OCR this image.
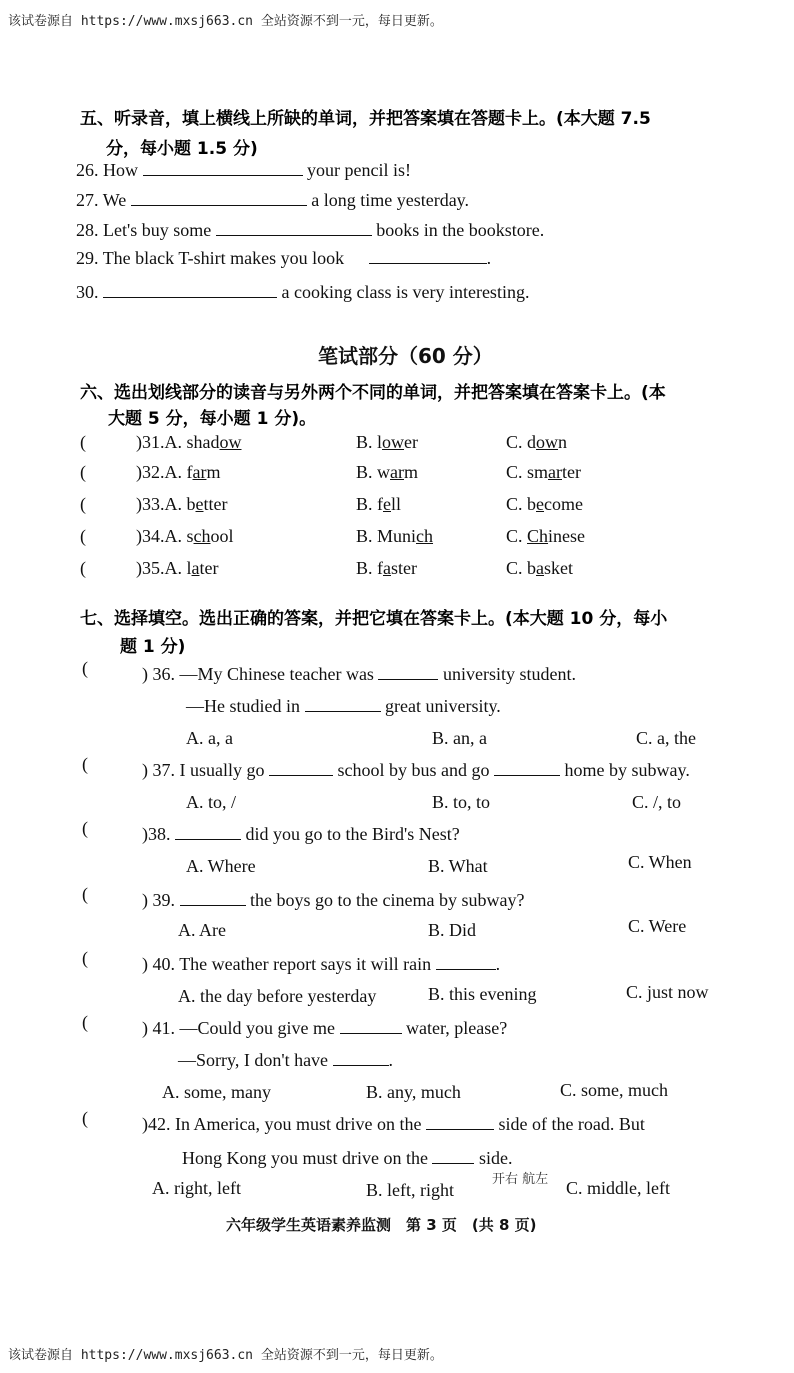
该试卷源自 https://www.mxsj663.cn 全站资源不到一元，每日更新。
五、听录音，填上横线上所缺的单词，并把答案填在答题卡上。(本大题 7.5
分，每小题 1.5 分)
26. How	your pencil is!
27. We	a long time yesterday.
28. Let's buy some	books in the bookstore.
29. The black T-shirt makes you look	.
30.	a cooking class is very interesting.
笔试部分（60 分）
六、选出划线部分的读音与另外两个不同的单词，并把答案填在答案卡上。(本
大题 5 分，每小题 1 分)。
(	)31.A. shadow	B. lower	C. down
(	)32.A. farm	B. warm	C. smarter
(	)33.A. better	B. fell	C. become
(	)34.A. school	B. Munich	C. Chinese
(	)35.A. later	B. faster	C. basket
七、选择填空。选出正确的答案，并把它填在答案卡上。(本大题 10 分，每小
题 1 分)
(	) 36. —My Chinese teacher was	university student.
—He studied in	great university.
A. a, a	B. an, a	C. a, the
(	) 37. I usually go	school by bus and go	home by subway.
A. to, /	B. to, to	C. /, to
(	)38.	did you go to the Bird's Nest?
A. Where	B. What	C. When
(	) 39.	the boys go to the cinema by subway?
A. Are	B. Did	C. Were
(	) 40. The weather report says it will rain	.
A. the day before yesterday	B. this evening	C. just now
(	) 41. —Could you give me	water, please?
—Sorry, I don't have	.
A. some, many	B. any, much	C. some, much
(	)42. In America, you must drive on the	side of the road. But
Hong Kong you must drive on the	side.
开右 航左
A. right, left	B. left, right	C. middle, left
六年级学生英语素养监测　第 3 页　(共 8 页)
该试卷源自 https://www.mxsj663.cn 全站资源不到一元，每日更新。
